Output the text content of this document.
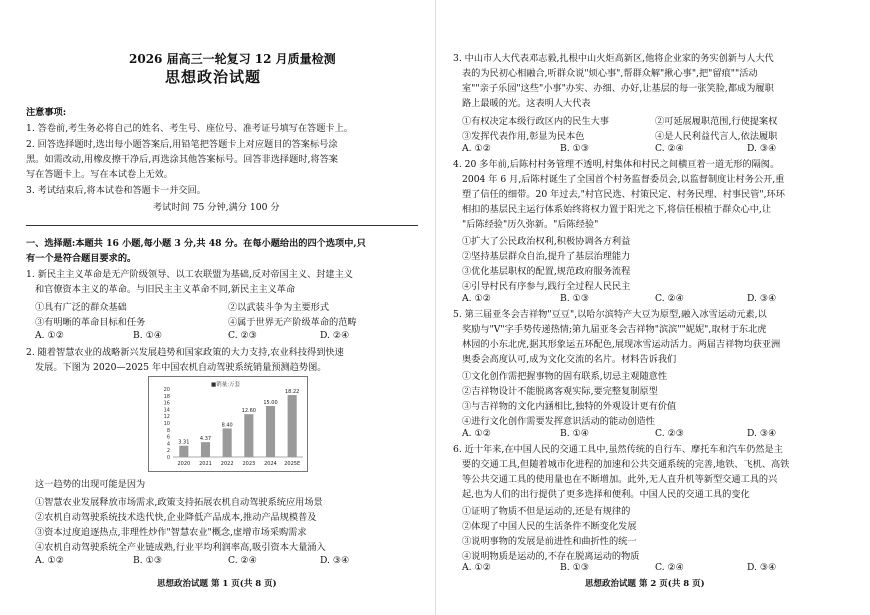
2026 届高三一轮复习 12 月质量检测
思想政治试题
注意事项:
1. 答卷前,考生务必将自己的姓名、考生号、座位号、准考证号填写在答题卡上。
2. 回答选择题时,选出每小题答案后,用铅笔把答题卡上对应题目的答案标号涂
黑。如需改动,用橡皮擦干净后,再选涂其他答案标号。回答非选择题时,将答案
写在答题卡上。写在本试卷上无效。
3. 考试结束后,将本试卷和答题卡一并交回。
考试时间 75 分钟,满分 100 分
一、选择题:本题共 16 小题,每小题 3 分,共 48 分。在每小题给出的四个选项中,只
有一个是符合题目要求的。
1. 新民主主义革命是无产阶级领导、以工农联盟为基础,反对帝国主义、封建主义
和官僚资本主义的革命。与旧民主主义革命不同,新民主主义革命
①具有广泛的群众基础	②以武装斗争为主要形式
③有明晰的革命目标和任务	④属于世界无产阶级革命的范畴
A. ①②	B. ①④	C. ②③	D. ②④
2. 随着智慧农业的战略新兴发展趋势和国家政策的大力支持,农业科技得到快速
发展。下图为 2020—2025 年中国农机自动驾驶系统销量预测趋势图。
■销量:万套
0
2
4
6
8
10
12
14
16
18
20
3.31
2020
4.37
2021
8.40
2022
12.60
2023
15.00
2024
18.22
2025E
这一趋势的出现可能是因为
①智慧农业发展释放市场需求,政策支持拓展农机自动驾驶系统应用场景
②农机自动驾驶系统技术迭代快,企业降低产品成本,推动产品规模普及
③资本过度追逐热点,非理性炒作"智慧农业"概念,虚增市场采购需求
④农机自动驾驶系统全产业链成熟,行业平均利润率高,吸引资本大量涌入
A. ①②	B. ①③	C. ②④	D. ③④
思想政治试题 第 1 页(共 8 页)
3. 中山市人大代表邓志毅,扎根中山火炬高新区,他将企业家的务实创新与人大代
表的为民初心相融合,听群众说"烦心事",帮群众解"揪心事",把"留痕""活动
室""亲子乐园"这些"小事"办实、办细、办好,让基层的每一张笑脸,都成为履职
路上最暖的光。这表明人大代表
①有权决定本级行政区内的民生大事	②可延展履职范围,行使提案权
③发挥代表作用,彰显为民本色	④是人民利益代言人,依法履职
A. ①②	B. ①③	C. ②④	D. ③④
4. 20 多年前,后陈村村务管理不透明,村集体和村民之间横亘着一道无形的隔阂。
2004 年 6 月,后陈村诞生了全国首个村务监督委员会,以监督制度让村务公开,重
塑了信任的细带。20 年过去,"村官民选、村策民定、村务民理、村事民管",环环
相扣的基层民主运行体系始终将权力置于阳光之下,将信任根植于群众心中,让
"后陈经验"历久弥新。"后陈经验"
①扩大了公民政治权利,积极协调各方利益
②坚持基层群众自治,提升了基层治理能力
③优化基层职权的配置,规范政府服务流程
④引导村民有序参与,践行全过程人民民主
A. ①②	B. ①③	C. ②④	D. ③④
5. 第三届亚冬会吉祥物"豆豆",以哈尔滨特产大豆为原型,融入冰雪运动元素,以
奖励与"V"字手势传递热情;第九届亚冬会吉祥物"滨滨""妮妮",取材于东北虎
林园的小东北虎,据其形象运五环配色,展现冰雪运动活力。两届吉祥物均获亚洲
奥委会高度认可,成为文化交流的名片。材料告诉我们
①文化创作需把握事物的固有联系,切忌主观随意性
②吉祥物设计不能脱离客观实际,要完整复制原型
③与吉祥物的文化内涵相比,独特的外观设计更有价值
④进行文化创作需要发挥意识活动的能动创造性
A. ①②	B. ①④	C. ②③	D. ③④
6. 近十年来,在中国人民的交通工具中,虽然传统的自行车、摩托车和汽车仍然是主
要的交通工具,但随着城市化进程的加速和公共交通系统的完善,地铁、飞机、高铁
等公共交通工具的使用量也在不断增加。此外,无人直升机等新型交通工具的兴
起,也为人们的出行提供了更多选择和便利。中国人民的交通工具的变化
①证明了物质不但是运动的,还是有规律的
②体现了中国人民的生活条件不断变化发展
③说明事物的发展是前进性和曲折性的统一
④说明物质是运动的,不存在脱离运动的物质
A. ①②	B. ①③	C. ②④	D. ③④
思想政治试题 第 2 页(共 8 页)
